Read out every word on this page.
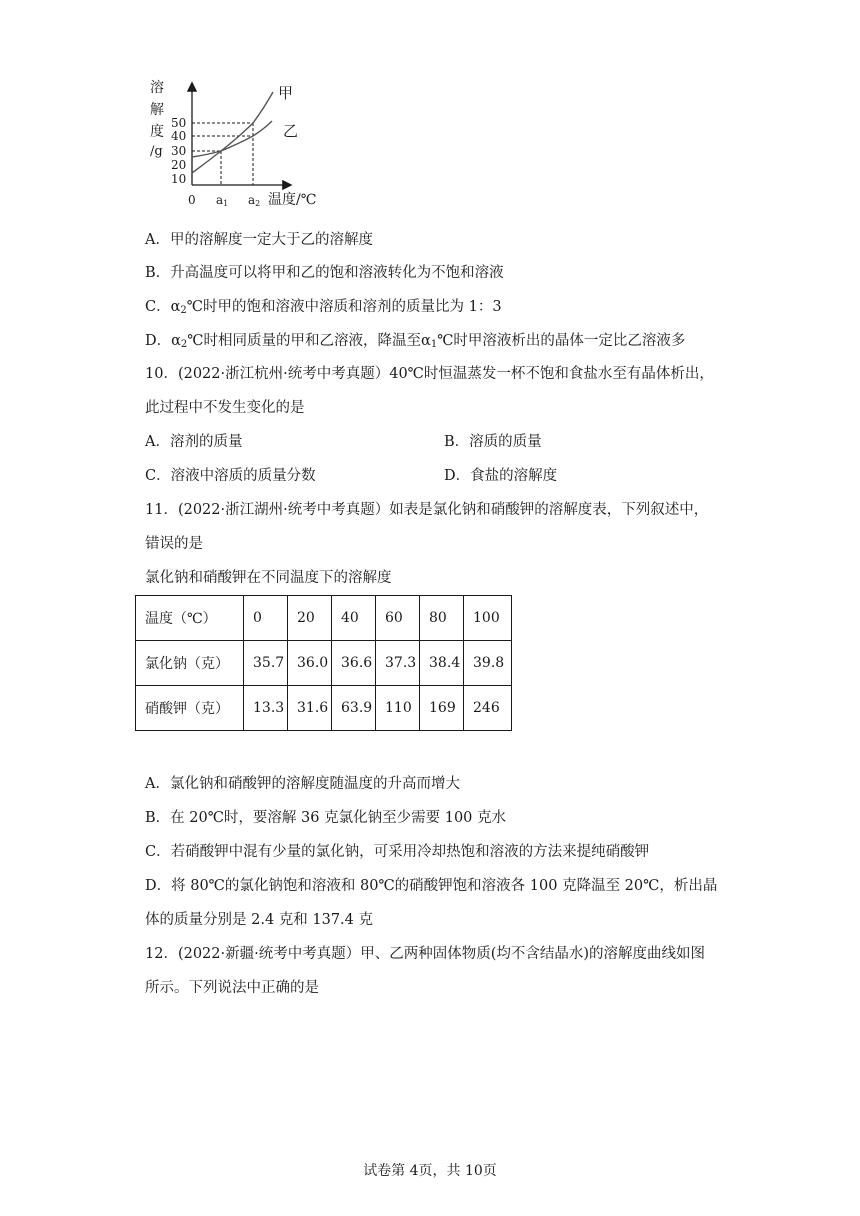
溶
解
度
/g
50
40
30
20
10
0 a1 a2 温度/℃
甲
乙
A．甲的溶解度一定大于乙的溶解度
B．升高温度可以将甲和乙的饱和溶液转化为不饱和溶液
C．$\alpha_2℃$时甲的饱和溶液中溶质和溶剂的质量比为 1：3
D．$\alpha_2℃$时相同质量的甲和乙溶液，降温至$\alpha_1℃$时甲溶液析出的晶体一定比乙溶液多
10．(2022·浙江杭州·统考中考真题）40℃时恒温蒸发一杯不饱和食盐水至有晶体析出，
此过程中不发生变化的是
A．溶剂的质量	B．溶质的质量
C．溶液中溶质的质量分数	D．食盐的溶解度
11．(2022·浙江湖州·统考中考真题）如表是氯化钠和硝酸钾的溶解度表，下列叙述中，
错误的是
氯化钠和硝酸钾在不同温度下的溶解度
温度（℃）	0	20	40	60	80	100
氯化钠（克）	35.7	36.0	36.6	37.3	38.4	39.8
硝酸钾（克）	13.3	31.6	63.9	110	169	246
A．氯化钠和硝酸钾的溶解度随温度的升高而增大
B．在 20℃时，要溶解 36 克氯化钠至少需要 100 克水
C．若硝酸钾中混有少量的氯化钠，可采用冷却热饱和溶液的方法来提纯硝酸钾
D．将 80℃的氯化钠饱和溶液和 80℃的硝酸钾饱和溶液各 100 克降温至 20℃，析出晶
体的质量分别是 2.4 克和 137.4 克
12．(2022·新疆·统考中考真题）甲、乙两种固体物质(均不含结晶水)的溶解度曲线如图
所示。下列说法中正确的是
试卷第 4页，共 10页
